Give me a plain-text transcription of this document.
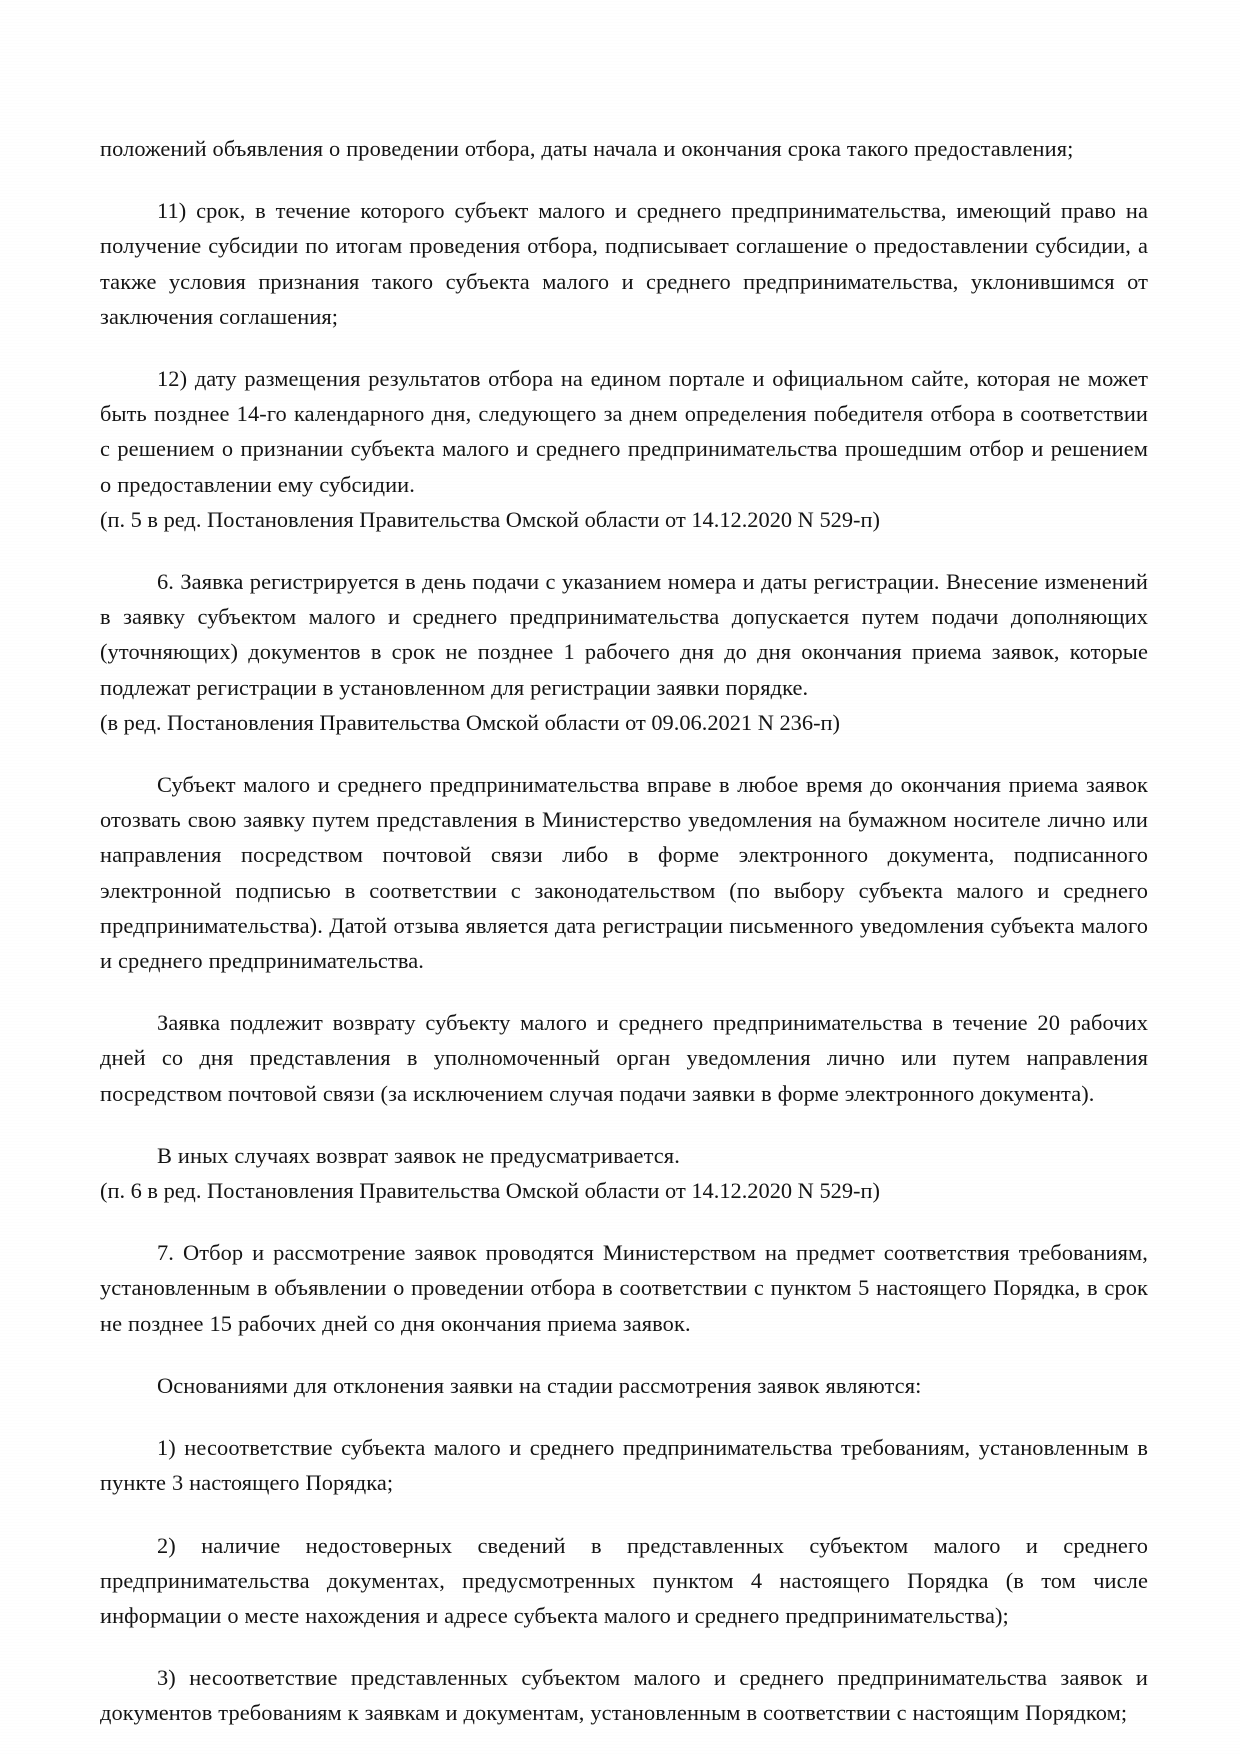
положений объявления о проведении отбора, даты начала и окончания срока такого предоставления;

11) срок, в течение которого субъект малого и среднего предпринимательства, имеющий право на получение субсидии по итогам проведения отбора, подписывает соглашение о предоставлении субсидии, а также условия признания такого субъекта малого и среднего предпринимательства, уклонившимся от заключения соглашения;

12) дату размещения результатов отбора на едином портале и официальном сайте, которая не может быть позднее 14-го календарного дня, следующего за днем определения победителя отбора в соответствии с решением о признании субъекта малого и среднего предпринимательства прошедшим отбор и решением о предоставлении ему субсидии.

(п. 5 в ред. Постановления Правительства Омской области от 14.12.2020 N 529-п)

6. Заявка регистрируется в день подачи с указанием номера и даты регистрации. Внесение изменений в заявку субъектом малого и среднего предпринимательства допускается путем подачи дополняющих (уточняющих) документов в срок не позднее 1 рабочего дня до дня окончания приема заявок, которые подлежат регистрации в установленном для регистрации заявки порядке.

(в ред. Постановления Правительства Омской области от 09.06.2021 N 236-п)

Субъект малого и среднего предпринимательства вправе в любое время до окончания приема заявок отозвать свою заявку путем представления в Министерство уведомления на бумажном носителе лично или направления посредством почтовой связи либо в форме электронного документа, подписанного электронной подписью в соответствии с законодательством (по выбору субъекта малого и среднего предпринимательства). Датой отзыва является дата регистрации письменного уведомления субъекта малого и среднего предпринимательства.

Заявка подлежит возврату субъекту малого и среднего предпринимательства в течение 20 рабочих дней со дня представления в уполномоченный орган уведомления лично или путем направления посредством почтовой связи (за исключением случая подачи заявки в форме электронного документа).

В иных случаях возврат заявок не предусматривается.

(п. 6 в ред. Постановления Правительства Омской области от 14.12.2020 N 529-п)

7. Отбор и рассмотрение заявок проводятся Министерством на предмет соответствия требованиям, установленным в объявлении о проведении отбора в соответствии с пунктом 5 настоящего Порядка, в срок не позднее 15 рабочих дней со дня окончания приема заявок.

Основаниями для отклонения заявки на стадии рассмотрения заявок являются:

1) несоответствие субъекта малого и среднего предпринимательства требованиям, установленным в пункте 3 настоящего Порядка;

2) наличие недостоверных сведений в представленных субъектом малого и среднего предпринимательства документах, предусмотренных пунктом 4 настоящего Порядка (в том числе информации о месте нахождения и адресе субъекта малого и среднего предпринимательства);

3) несоответствие представленных субъектом малого и среднего предпринимательства заявок и документов требованиям к заявкам и документам, установленным в соответствии с настоящим Порядком;
